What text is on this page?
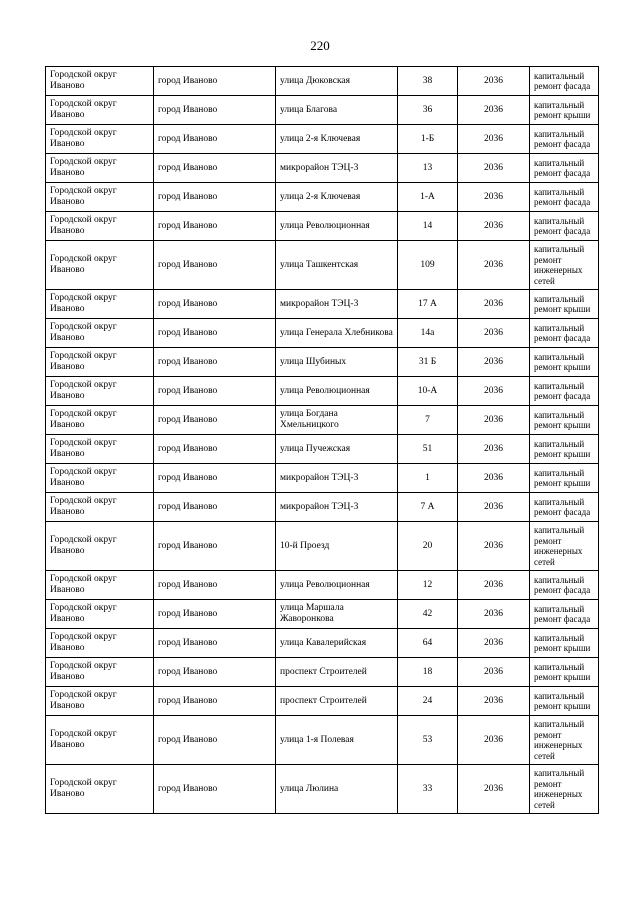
220
Городской округ Иваново	город Иваново	улица Дюковская	38	2036	капитальный ремонт фасада
Городской округ Иваново	город Иваново	улица Благова	36	2036	капитальный ремонт крыши
Городской округ Иваново	город Иваново	улица 2-я Ключевая	1-Б	2036	капитальный ремонт фасада
Городской округ Иваново	город Иваново	микрорайон ТЭЦ-3	13	2036	капитальный ремонт фасада
Городской округ Иваново	город Иваново	улица 2-я Ключевая	1-А	2036	капитальный ремонт фасада
Городской округ Иваново	город Иваново	улица Революционная	14	2036	капитальный ремонт фасада
Городской округ Иваново	город Иваново	улица Ташкентская	109	2036	капитальный ремонт инженерных сетей
Городской округ Иваново	город Иваново	микрорайон ТЭЦ-3	17 А	2036	капитальный ремонт крыши
Городской округ Иваново	город Иваново	улица Генерала Хлебникова	14а	2036	капитальный ремонт фасада
Городской округ Иваново	город Иваново	улица Шубиных	31 Б	2036	капитальный ремонт крыши
Городской округ Иваново	город Иваново	улица Революционная	10-А	2036	капитальный ремонт фасада
Городской округ Иваново	город Иваново	улица Богдана Хмельницкого	7	2036	капитальный ремонт крыши
Городской округ Иваново	город Иваново	улица Пучежская	51	2036	капитальный ремонт крыши
Городской округ Иваново	город Иваново	микрорайон ТЭЦ-3	1	2036	капитальный ремонт крыши
Городской округ Иваново	город Иваново	микрорайон ТЭЦ-3	7 А	2036	капитальный ремонт фасада
Городской округ Иваново	город Иваново	10-й Проезд	20	2036	капитальный ремонт инженерных сетей
Городской округ Иваново	город Иваново	улица Революционная	12	2036	капитальный ремонт фасада
Городской округ Иваново	город Иваново	улица Маршала Жаворонкова	42	2036	капитальный ремонт фасада
Городской округ Иваново	город Иваново	улица Кавалерийская	64	2036	капитальный ремонт крыши
Городской округ Иваново	город Иваново	проспект Строителей	18	2036	капитальный ремонт крыши
Городской округ Иваново	город Иваново	проспект Строителей	24	2036	капитальный ремонт крыши
Городской округ Иваново	город Иваново	улица 1-я Полевая	53	2036	капитальный ремонт инженерных сетей
Городской округ Иваново	город Иваново	улица Люлина	33	2036	капитальный ремонт инженерных сетей
